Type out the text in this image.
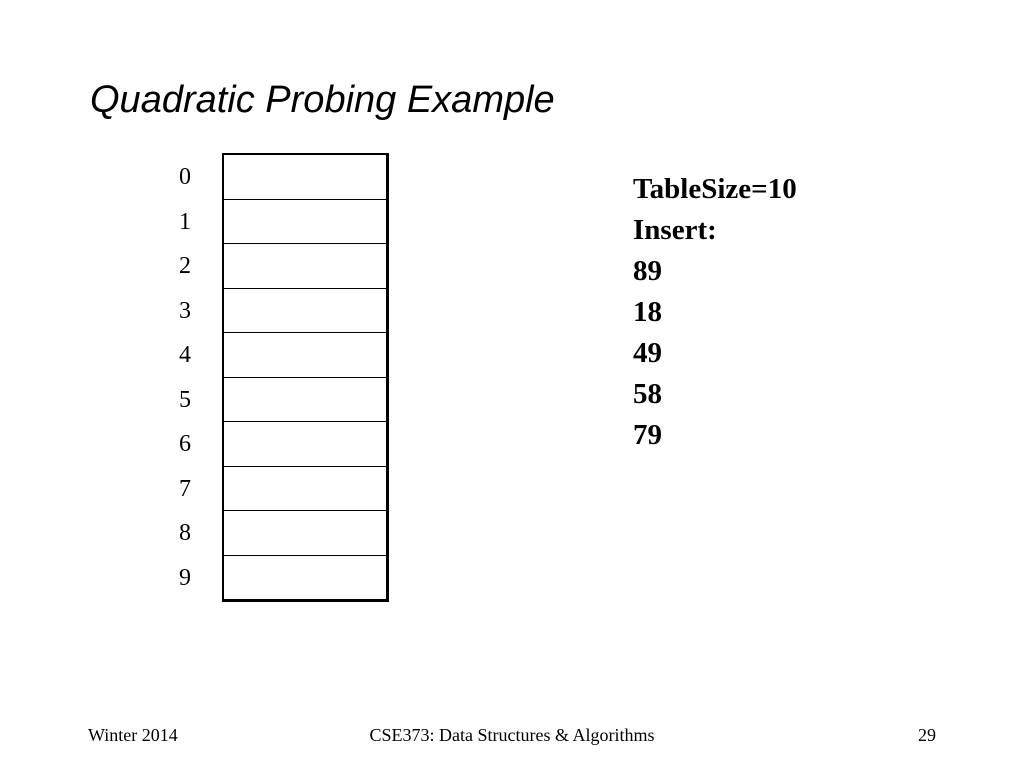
Quadratic Probing Example
0
1
2
3
4
5
6
7
8
9
TableSize=10
Insert:
89
18
49
58
79
Winter 2014	CSE373: Data Structures & Algorithms	29
